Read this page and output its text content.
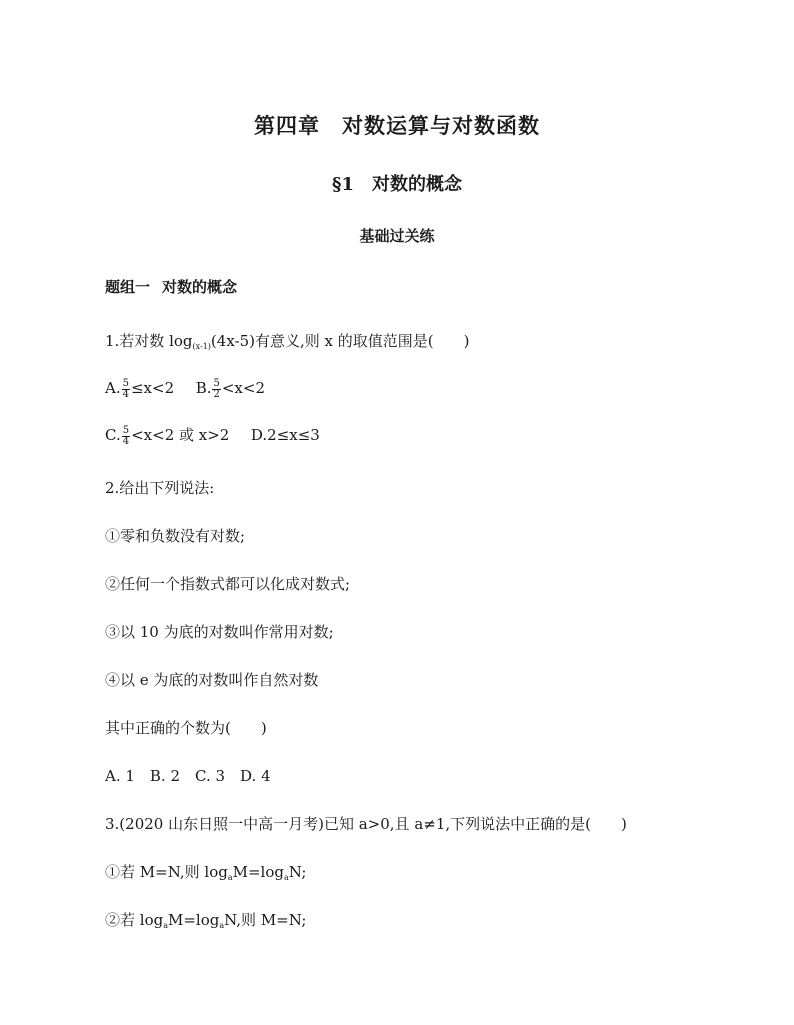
第四章　对数运算与对数函数
§1 对数的概念
基础过关练
题组一 对数的概念
1.若对数 $\log_{(x-1)}(4x-5)$有意义,则 x 的取值范围是( )
A. $\frac{5}{4} \le x<2$ B. $\frac{5}{2} <x<2$
C. $\frac{5}{4} <x<2$ 或 x>2 D.2≤x≤3
2.给出下列说法:
①零和负数没有对数;
②任何一个指数式都可以化成对数式;
③以 10 为底的对数叫作常用对数;
④以 e 为底的对数叫作自然对数
其中正确的个数为( )
A. 1　B. 2　C. 3　D. 4
3.(2020 山东日照一中高一月考)已知 a>0,且 a≠1,下列说法中正确的是( )
①若 M=N,则 $\log_aM=\log_aN$;
②若 $\log_aM=\log_aN$,则 M=N;
